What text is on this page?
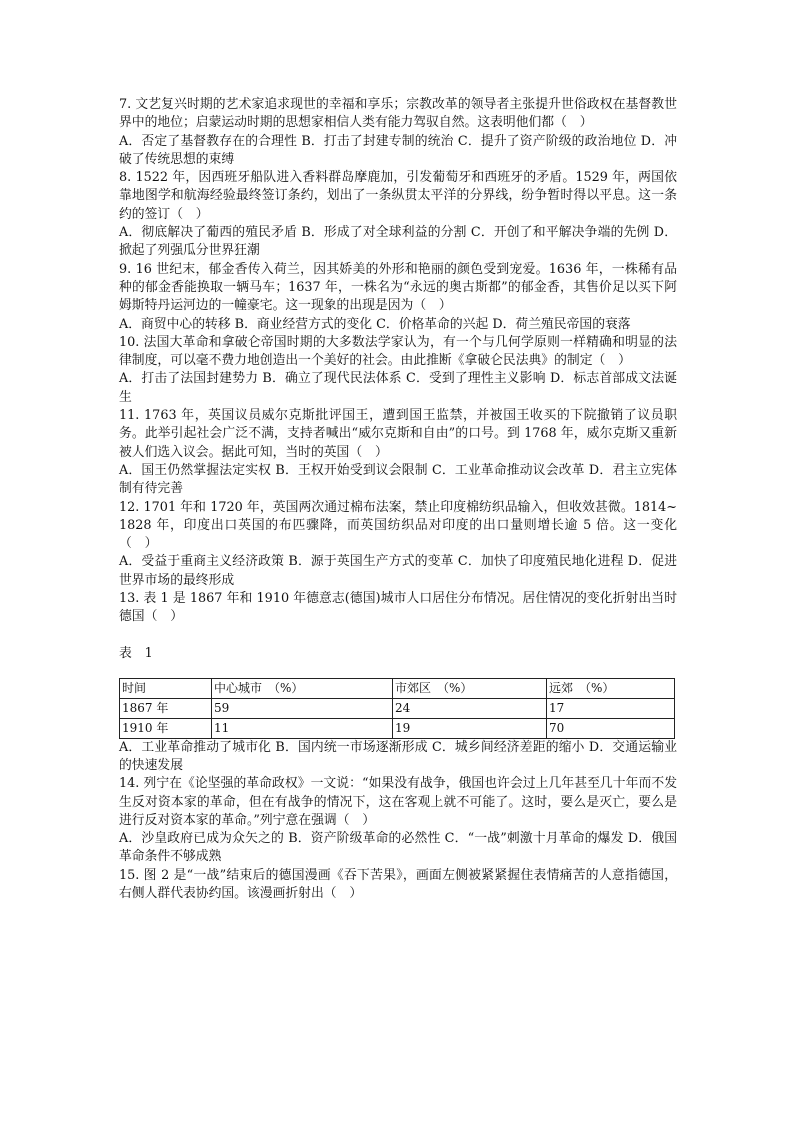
7. 文艺复兴时期的艺术家追求现世的幸福和享乐；宗教改革的领导者主张提升世俗政权在基督教世界中的地位；启蒙运动时期的思想家相信人类有能力驾驭自然。这表明他们都（　）

A．否定了基督教存在的合理性 B．打击了封建专制的统治 C．提升了资产阶级的政治地位 D．冲破了传统思想的束缚

8. 1522 年，因西班牙船队进入香料群岛摩鹿加，引发葡萄牙和西班牙的矛盾。1529 年，两国依靠地图学和航海经验最终签订条约，划出了一条纵贯太平洋的分界线，纷争暂时得以平息。这一条约的签订（　）

A．彻底解决了葡西的殖民矛盾 B．形成了对全球利益的分割 C．开创了和平解决争端的先例 D．掀起了列强瓜分世界狂潮

9. 16 世纪末，郁金香传入荷兰，因其娇美的外形和艳丽的颜色受到宠爱。1636 年，一株稀有品种的郁金香能换取一辆马车；1637 年，一株名为“永远的奥古斯都”的郁金香，其售价足以买下阿姆斯特丹运河边的一幢豪宅。这一现象的出现是因为（　）

A．商贸中心的转移 B．商业经营方式的变化 C．价格革命的兴起 D．荷兰殖民帝国的衰落

10. 法国大革命和拿破仑帝国时期的大多数法学家认为，有一个与几何学原则一样精确和明显的法律制度，可以毫不费力地创造出一个美好的社会。由此推断《拿破仑民法典》的制定（　）

A．打击了法国封建势力 B．确立了现代民法体系 C．受到了理性主义影响 D．标志首部成文法诞生

11. 1763 年，英国议员威尔克斯批评国王，遭到国王监禁，并被国王收买的下院撤销了议员职务。此举引起社会广泛不满，支持者喊出“威尔克斯和自由”的口号。到 1768 年，威尔克斯又重新被人们选入议会。据此可知，当时的英国（　）

A．国王仍然掌握法定实权 B．王权开始受到议会限制 C．工业革命推动议会改革 D．君主立宪体制有待完善

12. 1701 年和 1720 年，英国两次通过棉布法案，禁止印度棉纺织品输入，但收效甚微。1814~1828 年，印度出口英国的布匹骤降，而英国纺织品对印度的出口量则增长逾 5 倍。这一变化（　）

A．受益于重商主义经济政策 B．源于英国生产方式的变革 C．加快了印度殖民地化进程 D．促进世界市场的最终形成

13. 表 1 是 1867 年和 1910 年德意志(德国)城市人口居住分布情况。居住情况的变化折射出当时德国（　）

表　1
时间	中心城市　（%）	市郊区　（%）	远郊　（%）
1867 年	59	24	17
1910 年	11	19	70

A．工业革命推动了城市化 B．国内统一市场逐渐形成 C．城乡间经济差距的缩小 D．交通运输业的快速发展

14. 列宁在《论坚强的革命政权》一文说：“如果没有战争，俄国也许会过上几年甚至几十年而不发生反对资本家的革命，但在有战争的情况下，这在客观上就不可能了。这时，要么是灭亡，要么是进行反对资本家的革命。”列宁意在强调（　）

A．沙皇政府已成为众矢之的 B．资产阶级革命的必然性 C．“一战”刺激十月革命的爆发 D．俄国革命条件不够成熟

15. 图 2 是“一战”结束后的德国漫画《吞下苦果》，画面左侧被紧紧握住表情痛苦的人意指德国，右侧人群代表协约国。该漫画折射出（　）
